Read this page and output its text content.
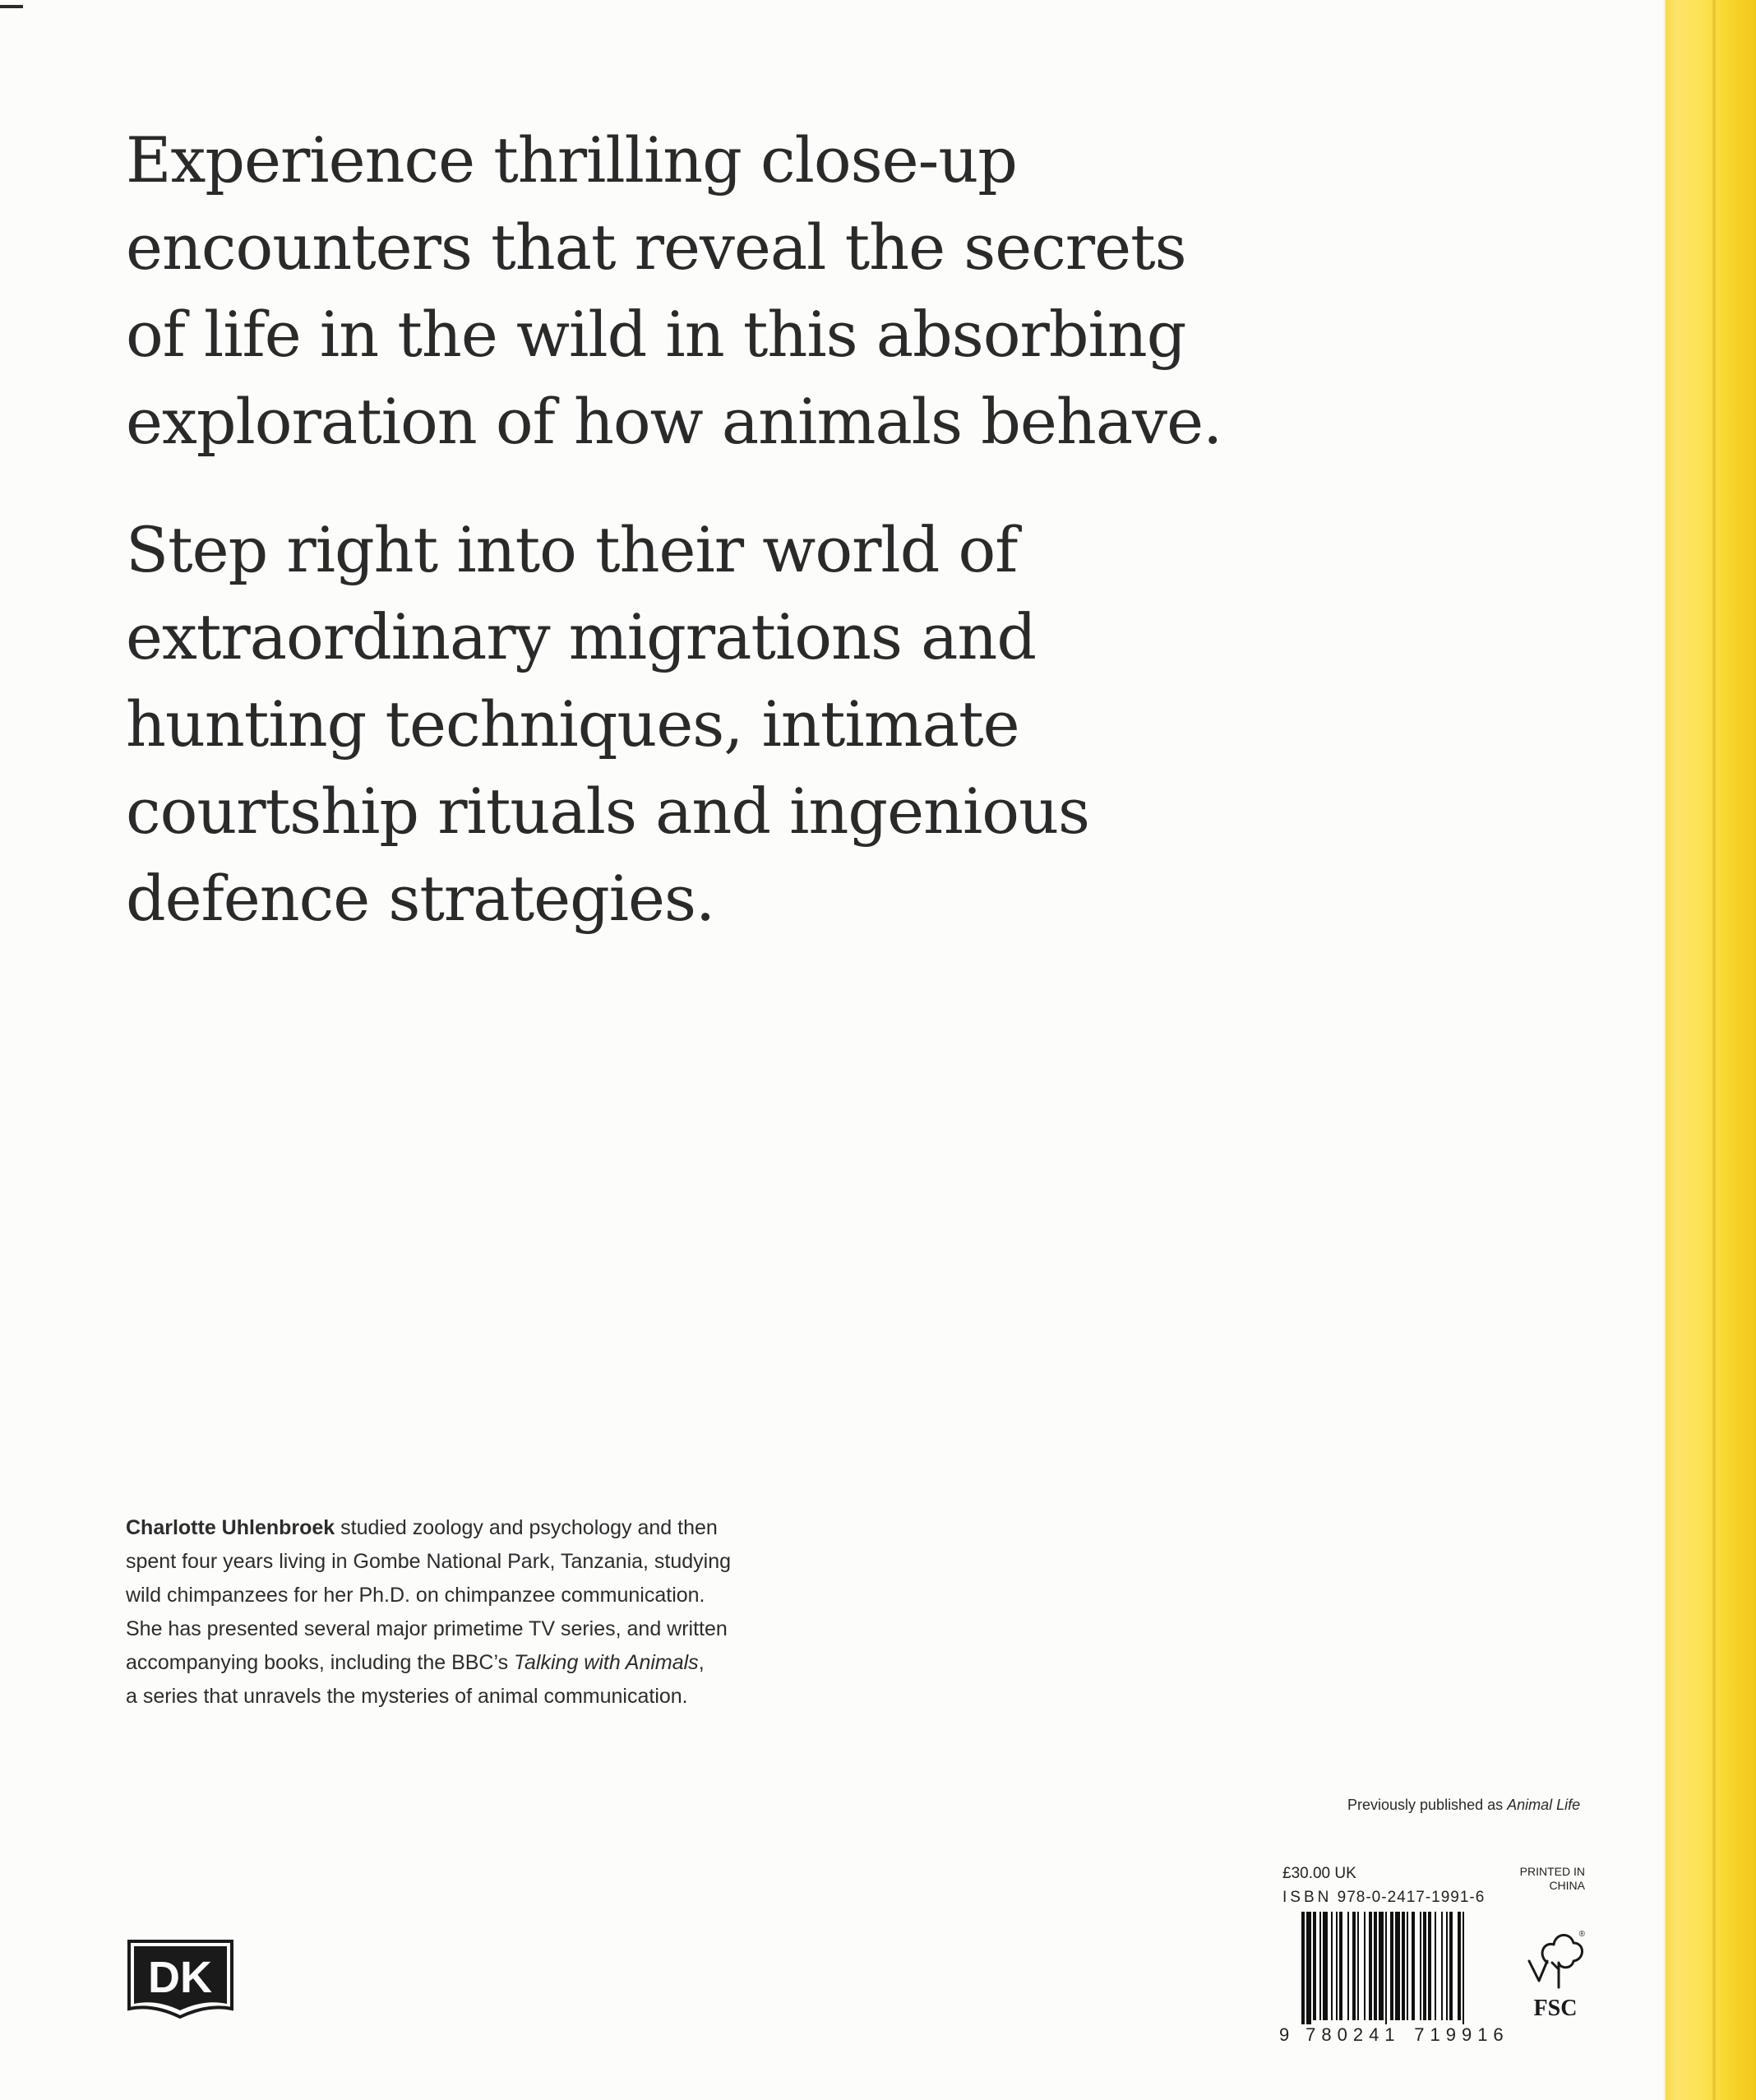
Experience thrilling close-up
encounters that reveal the secrets
of life in the wild in this absorbing
exploration of how animals behave.

Step right into their world of
extraordinary migrations and
hunting techniques, intimate
courtship rituals and ingenious
defence strategies.

Charlotte Uhlenbroek studied zoology and psychology and then
spent four years living in Gombe National Park, Tanzania, studying
wild chimpanzees for her Ph.D. on chimpanzee communication.
She has presented several major primetime TV series, and written
accompanying books, including the BBC’s Talking with Animals,
a series that unravels the mysteries of animal communication.

Previously published as Animal Life
£30.00 UK
ISBN 978-0-2417-1991-6
PRINTED IN
CHINA
9 780241 719916
®
FSC
DK
